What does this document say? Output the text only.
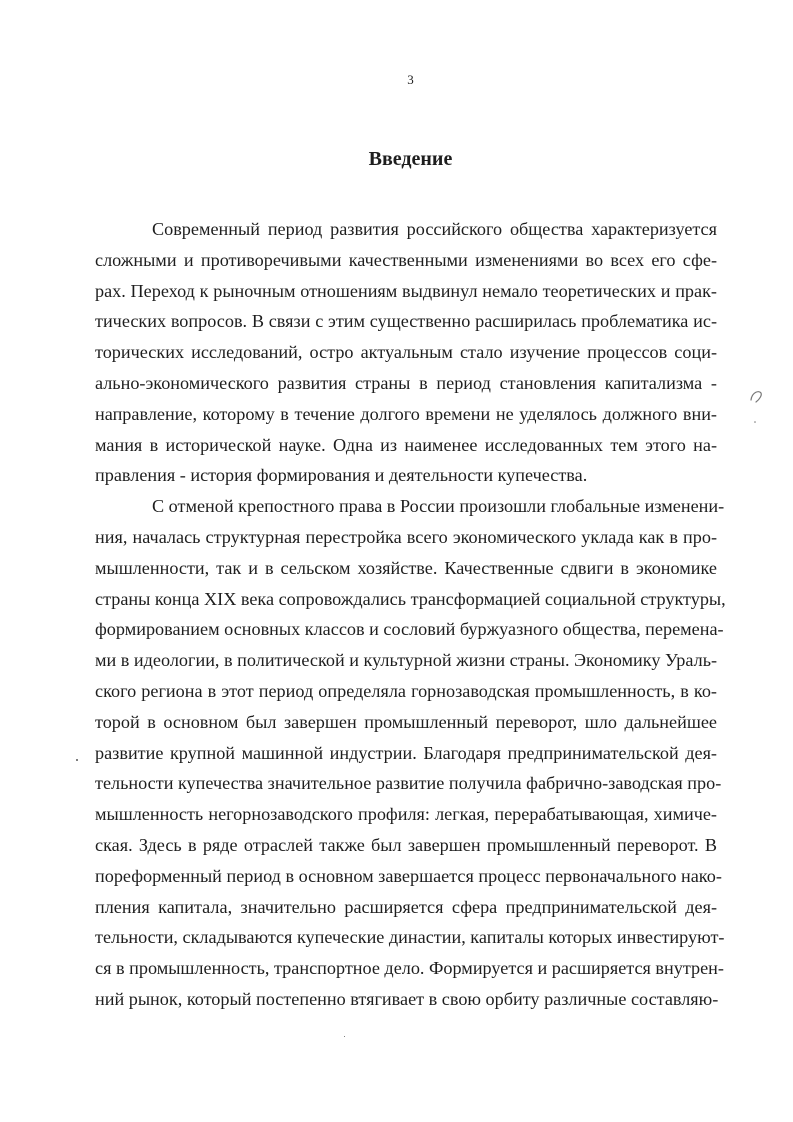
3
Введение
Современный период развития российского общества характеризуется
сложными и противоречивыми качественными изменениями во всех его сфе-
рах. Переход к рыночным отношениям выдвинул немало теоретических и прак-
тических вопросов. В связи с этим существенно расширилась проблематика ис-
торических исследований, остро актуальным стало изучение процессов соци-
ально-экономического развития страны в период становления капитализма -
направление, которому в течение долгого времени не уделялось должного вни-
мания в исторической науке. Одна из наименее исследованных тем этого на-
правления - история формирования и деятельности купечества.
С отменой крепостного права в России произошли глобальные изменени-
ния, началась структурная перестройка всего экономического уклада как в про-
мышленности, так и в сельском хозяйстве. Качественные сдвиги в экономике
страны конца XIX века сопровождались трансформацией социальной структуры,
формированием основных классов и сословий буржуазного общества, перемена-
ми в идеологии, в политической и культурной жизни страны. Экономику Ураль-
ского региона в этот период определяла горнозаводская промышленность, в ко-
торой в основном был завершен промышленный переворот, шло дальнейшее
развитие крупной машинной индустрии. Благодаря предпринимательской дея-
тельности купечества значительное развитие получила фабрично-заводская про-
мышленность негорнозаводского профиля: легкая, перерабатывающая, химиче-
ская. Здесь в ряде отраслей также был завершен промышленный переворот. В
пореформенный период в основном завершается процесс первоначального нако-
пления капитала, значительно расширяется сфера предпринимательской дея-
тельности, складываются купеческие династии, капиталы которых инвестируют-
ся в промышленность, транспортное дело. Формируется и расширяется внутрен-
ний рынок, который постепенно втягивает в свою орбиту различные составляю-
